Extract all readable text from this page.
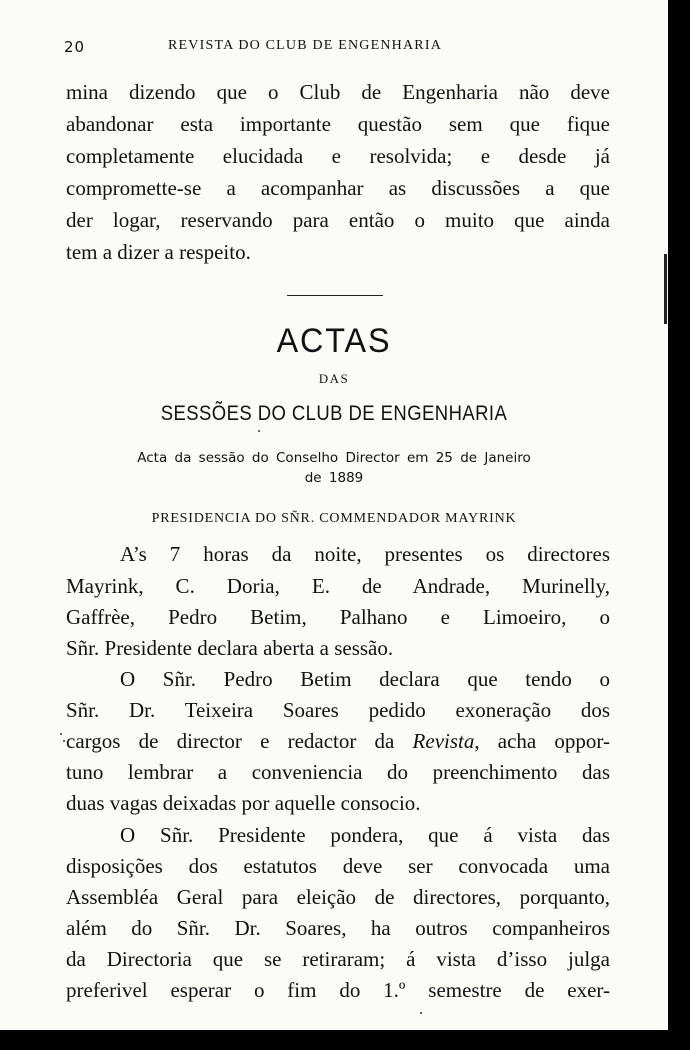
20	REVISTA DO CLUB DE ENGENHARIA
mina dizendo que o Club de Engenharia não deve
abandonar esta importante questão sem que fique
completamente elucidada e resolvida; e desde já
compromette-se a acompanhar as discussões a que
der logar, reservando para então o muito que ainda
tem a dizer a respeito.
ACTAS
DAS
SESSÕES DO CLUB DE ENGENHARIA
Acta da sessão do Conselho Director em 25 de Janeiro
de 1889
PRESIDENCIA DO SÑR. COMMENDADOR MAYRINK
A’s 7 horas da noite, presentes os directores
Mayrink, C. Doria, E. de Andrade, Murinelly,
Gaffrèe, Pedro Betim, Palhano e Limoeiro, o
Sñr. Presidente declara aberta a sessão.
O Sñr. Pedro Betim declara que tendo o
Sñr. Dr. Teixeira Soares pedido exoneração dos
cargos de director e redactor da Revista, acha oppor-
tuno lembrar a conveniencia do preenchimento das
duas vagas deixadas por aquelle consocio.
O Sñr. Presidente pondera, que á vista das
disposições dos estatutos deve ser convocada uma
Assembléa Geral para eleição de directores, porquanto,
além do Sñr. Dr. Soares, ha outros companheiros
da Directoria que se retiraram; á vista d’isso julga
preferivel esperar o fim do 1.º semestre de exer-
